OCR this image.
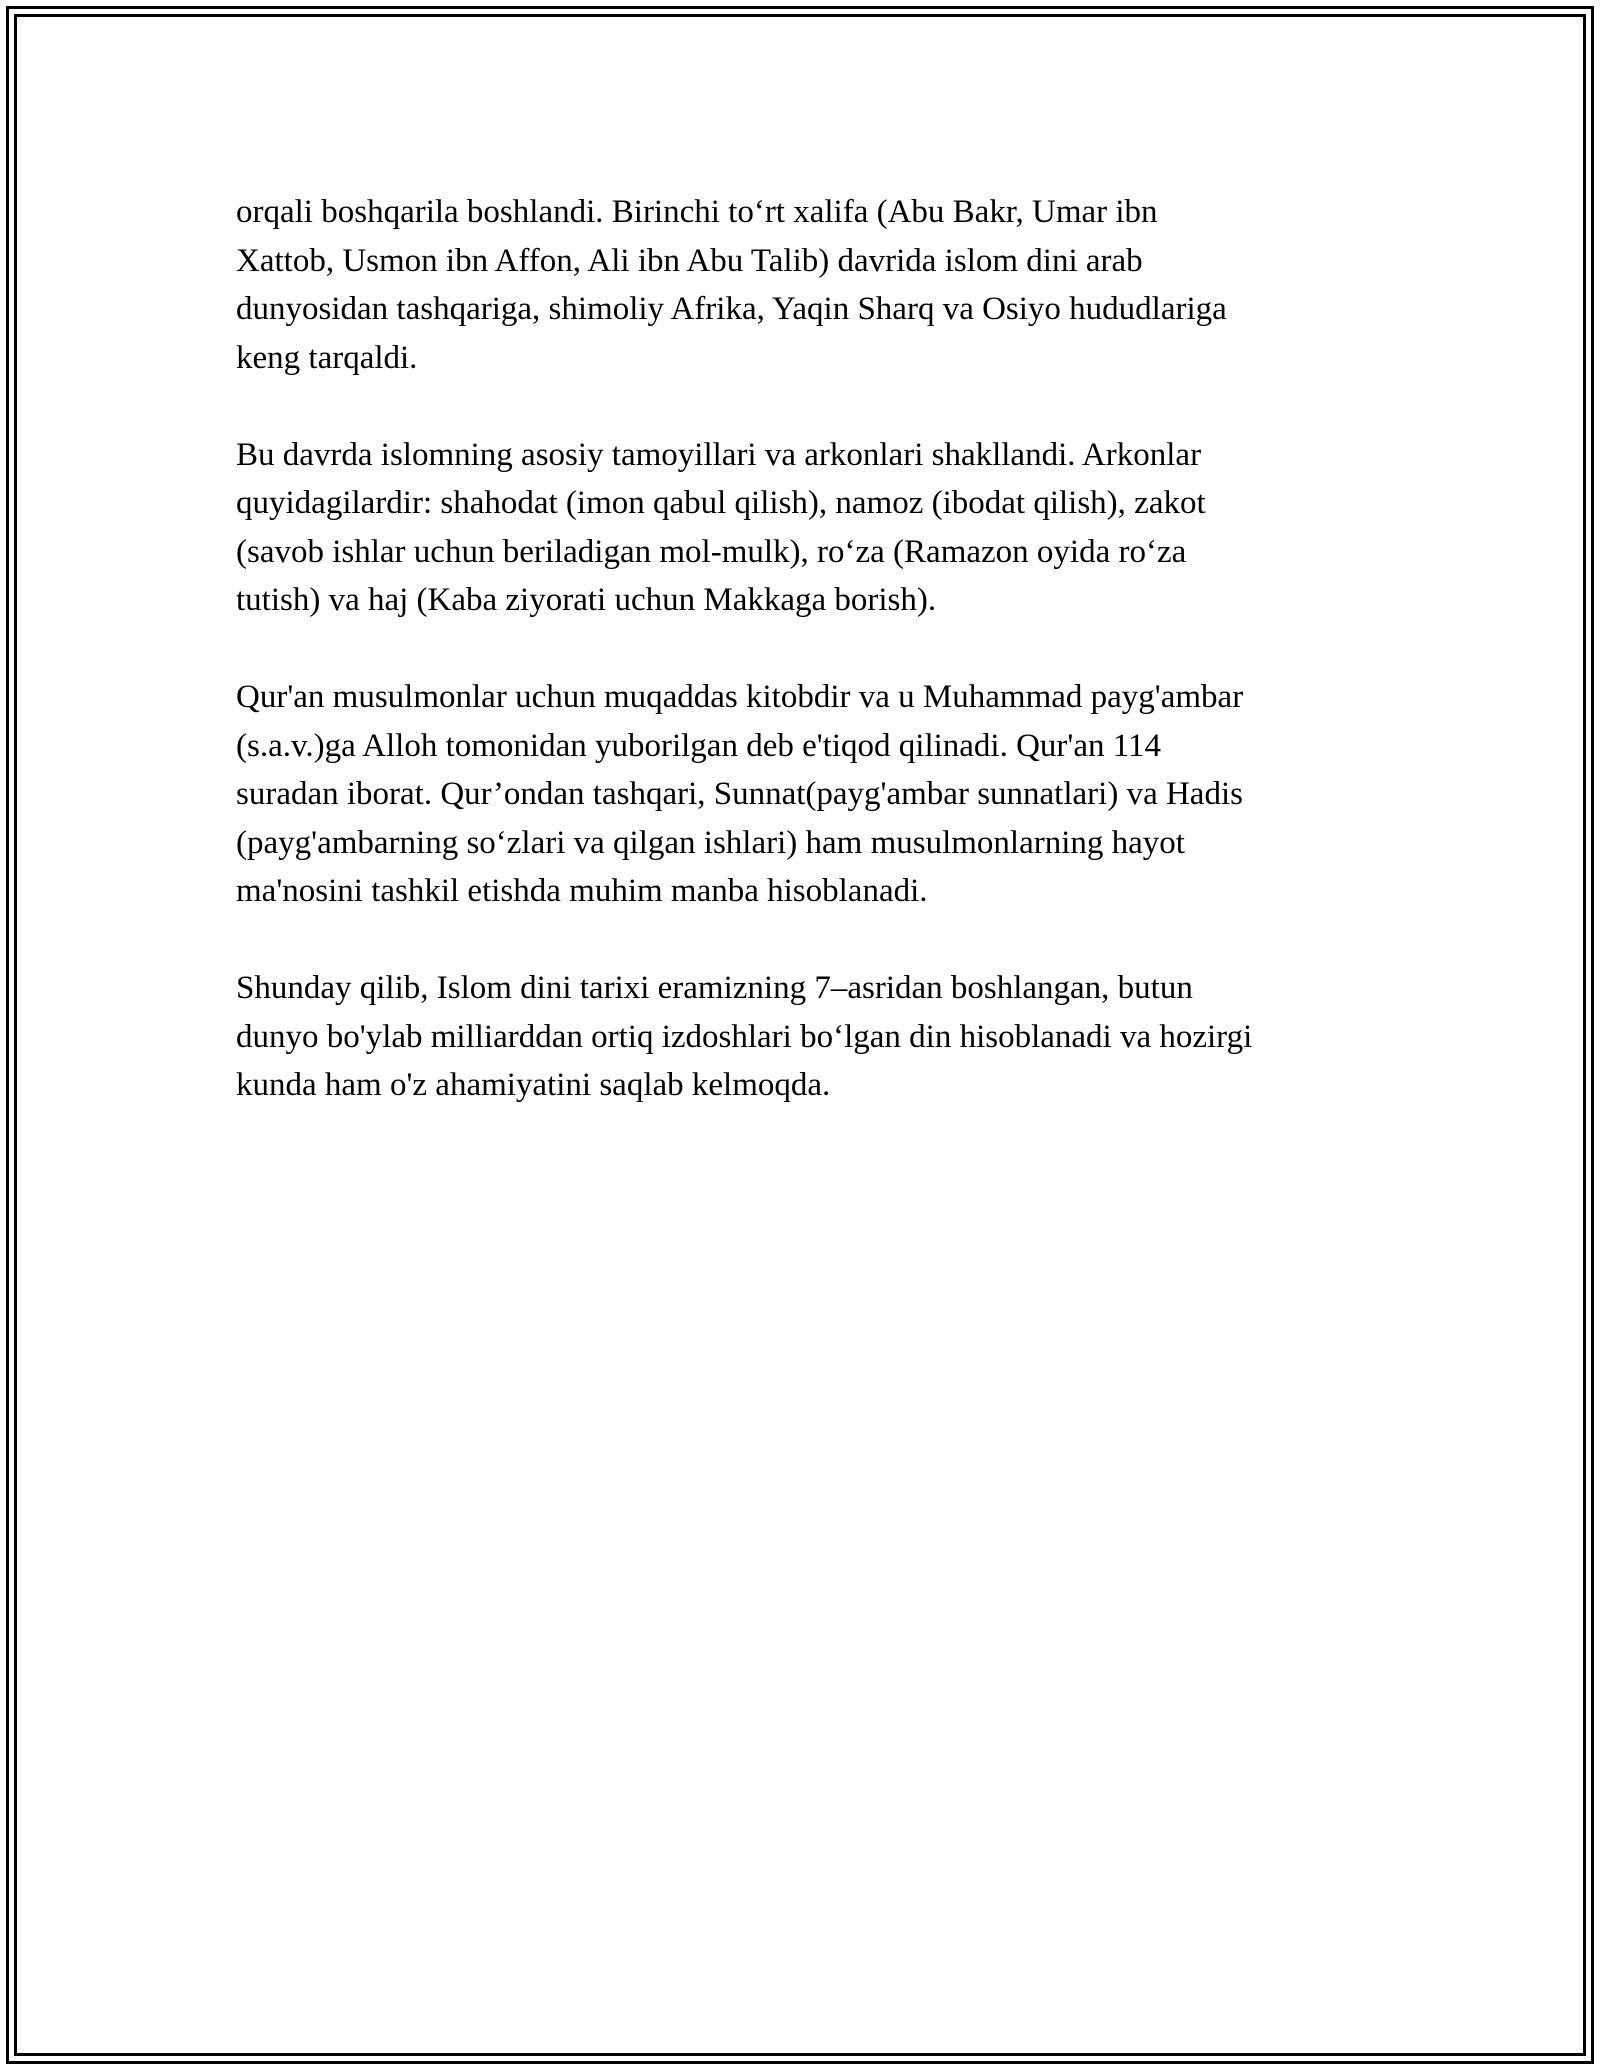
orqali boshqarila boshlandi. Birinchi to‘rt xalifa (Abu Bakr, Umar ibn
Xattob, Usmon ibn Affon, Ali ibn Abu Talib) davrida islom dini arab
dunyosidan tashqariga, shimoliy Afrika, Yaqin Sharq va Osiyo hududlariga
keng tarqaldi.

Bu davrda islomning asosiy tamoyillari va arkonlari shakllandi. Arkonlar
quyidagilardir: shahodat (imon qabul qilish), namoz (ibodat qilish), zakot
(savob ishlar uchun beriladigan mol-mulk), ro‘za (Ramazon oyida ro‘za
tutish) va haj (Kaba ziyorati uchun Makkaga borish).

Qur'an musulmonlar uchun muqaddas kitobdir va u Muhammad payg'ambar
(s.a.v.)ga Alloh tomonidan yuborilgan deb e'tiqod qilinadi. Qur'an 114
suradan iborat. Qur’ondan tashqari, Sunnat(payg'ambar sunnatlari) va Hadis
(payg'ambarning so‘zlari va qilgan ishlari) ham musulmonlarning hayot
ma'nosini tashkil etishda muhim manba hisoblanadi.

Shunday qilib, Islom dini tarixi eramizning 7–asridan boshlangan, butun
dunyo bo'ylab milliarddan ortiq izdoshlari bo‘lgan din hisoblanadi va hozirgi
kunda ham o'z ahamiyatini saqlab kelmoqda.
